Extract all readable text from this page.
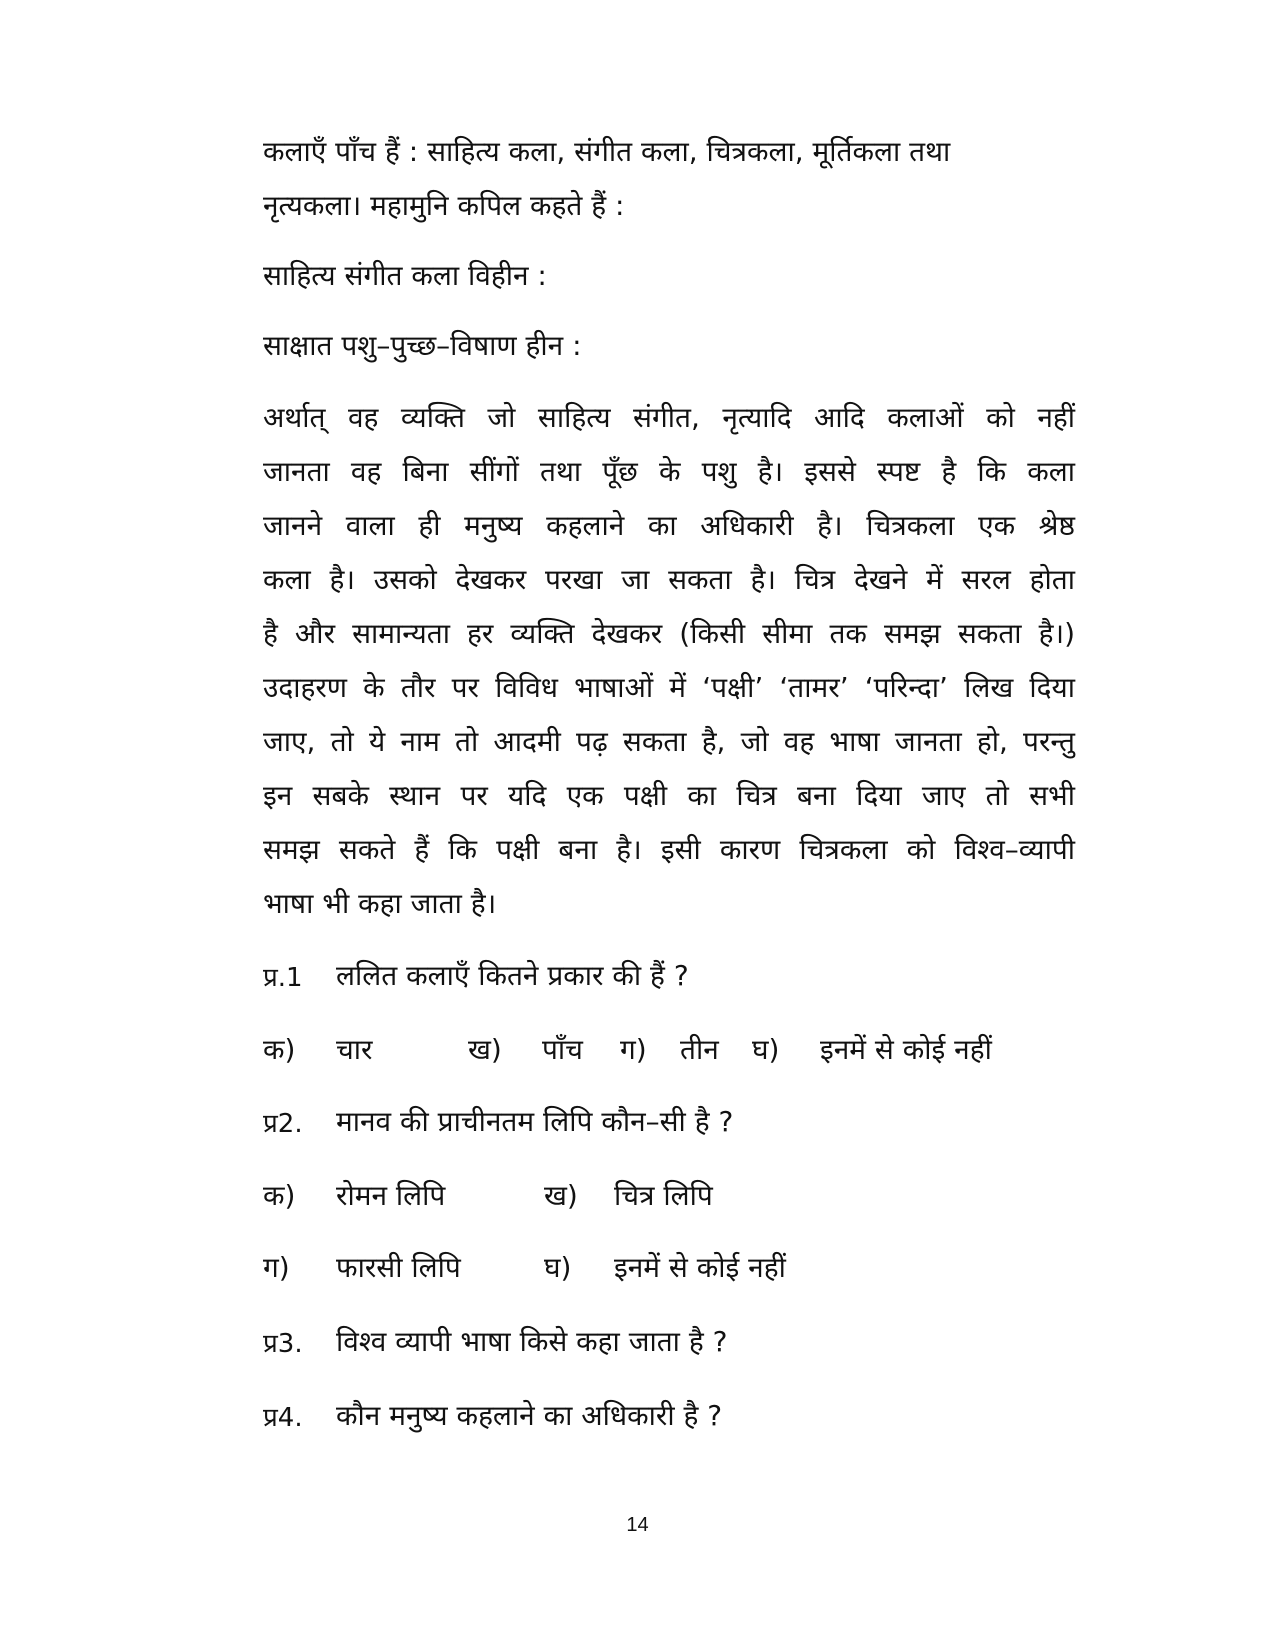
कलाएँ पाँच हैं : साहित्य कला, संगीत कला, चित्रकला, मूर्तिकला तथा
नृत्यकला। महामुनि कपिल कहते हैं :
साहित्य संगीत कला विहीन :
साक्षात पशु–पुच्छ–विषाण हीन :
अर्थात् वह व्यक्ति जो साहित्य संगीत, नृत्यादि आदि कलाओं को नहीं
जानता वह बिना सींगों तथा पूँछ के पशु है। इससे स्पष्ट है कि कला
जानने वाला ही मनुष्य कहलाने का अधिकारी है। चित्रकला एक श्रेष्ठ
कला है। उसको देखकर परखा जा सकता है। चित्र देखने में सरल होता
है और सामान्यता हर व्यक्ति देखकर (किसी सीमा तक समझ सकता है।)
उदाहरण के तौर पर विविध भाषाओं में ‘पक्षी’ ‘तामर’ ‘परिन्दा’ लिख दिया
जाए, तो ये नाम तो आदमी पढ़ सकता है, जो वह भाषा जानता हो, परन्तु
इन सबके स्थान पर यदि एक पक्षी का चित्र बना दिया जाए तो सभी
समझ सकते हैं कि पक्षी बना है। इसी कारण चित्रकला को विश्व–व्यापी
भाषा भी कहा जाता है।
प्र.1 ललित कलाएँ कितने प्रकार की हैं ?
क) चार	ख) पाँच ग) तीन घ) इनमें से कोई नहीं
प्र2. मानव की प्राचीनतम लिपि कौन–सी है ?
क) रोमन लिपि	ख) चित्र लिपि
ग) फारसी लिपि	घ) इनमें से कोई नहीं
प्र3. विश्व व्यापी भाषा किसे कहा जाता है ?
प्र4. कौन मनुष्य कहलाने का अधिकारी है ?
14
